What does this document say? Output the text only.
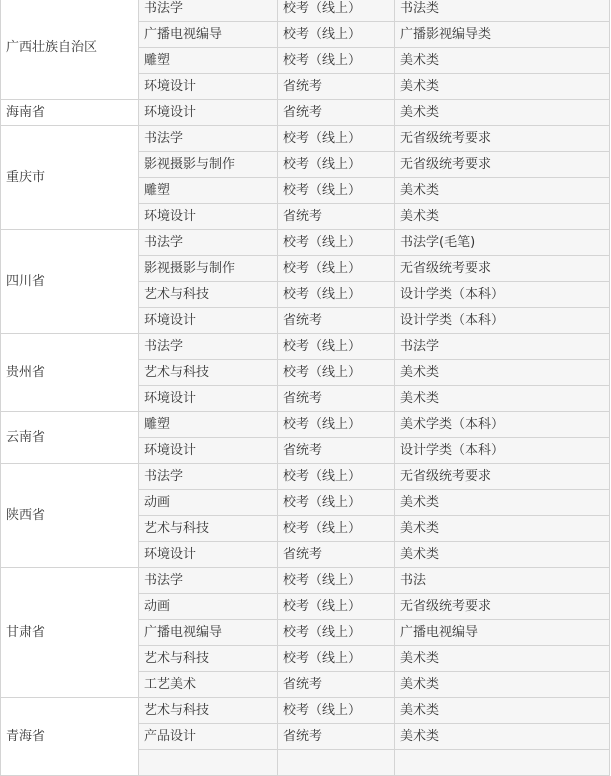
广西壮族自治区	书法学	校考（线上）	书法类
	广播电视编导	校考（线上）	广播影视编导类
	雕塑	校考（线上）	美术类
	环境设计	省统考	美术类
海南省	环境设计	省统考	美术类
重庆市	书法学	校考（线上）	无省级统考要求
	影视摄影与制作	校考（线上）	无省级统考要求
	雕塑	校考（线上）	美术类
	环境设计	省统考	美术类
四川省	书法学	校考（线上）	书法学(毛笔)
	影视摄影与制作	校考（线上）	无省级统考要求
	艺术与科技	校考（线上）	设计学类（本科）
	环境设计	省统考	设计学类（本科）
贵州省	书法学	校考（线上）	书法学
	艺术与科技	校考（线上）	美术类
	环境设计	省统考	美术类
云南省	雕塑	校考（线上）	美术学类（本科）
	环境设计	省统考	设计学类（本科）
陕西省	书法学	校考（线上）	无省级统考要求
	动画	校考（线上）	美术类
	艺术与科技	校考（线上）	美术类
	环境设计	省统考	美术类
甘肃省	书法学	校考（线上）	书法
	动画	校考（线上）	无省级统考要求
	广播电视编导	校考（线上）	广播电视编导
	艺术与科技	校考（线上）	美术类
	工艺美术	省统考	美术类
青海省	艺术与科技	校考（线上）	美术类
	产品设计	省统考	美术类
